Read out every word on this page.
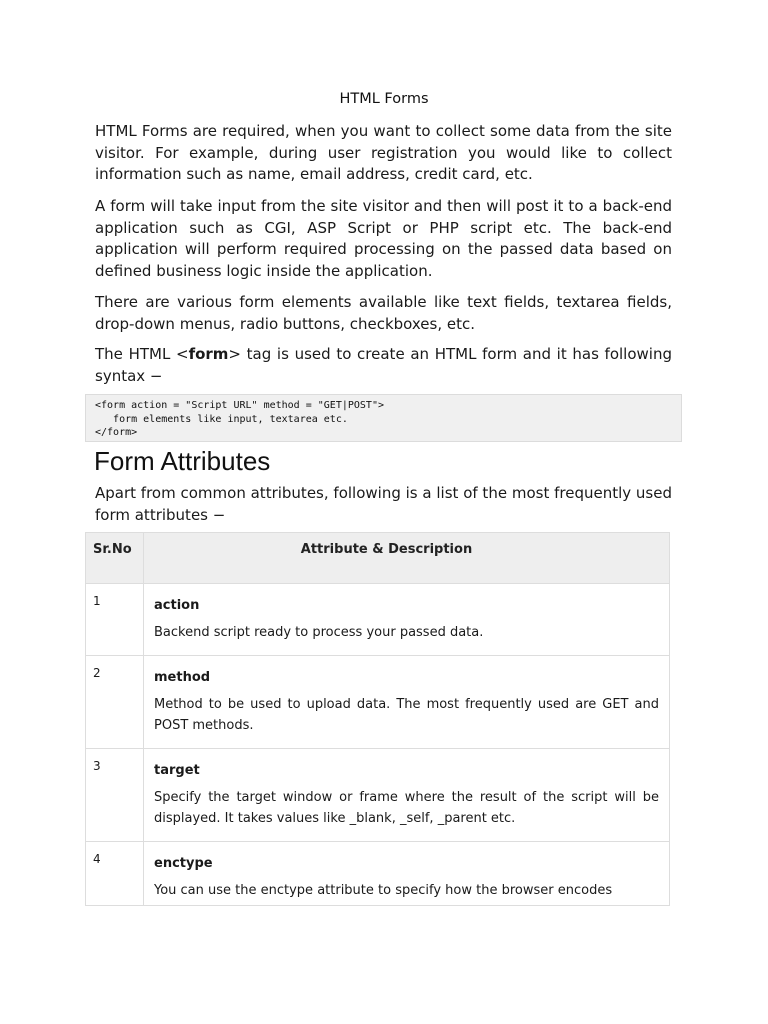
HTML Forms

HTML Forms are required, when you want to collect some data from the site visitor. For example, during user registration you would like to collect information such as name, email address, credit card, etc.

A form will take input from the site visitor and then will post it to a back-end application such as CGI, ASP Script or PHP script etc. The back-end application will perform required processing on the passed data based on defined business logic inside the application.

There are various form elements available like text fields, textarea fields, drop-down menus, radio buttons, checkboxes, etc.

The HTML <form> tag is used to create an HTML form and it has following syntax −

<form action = "Script URL" method = "GET|POST">
form elements like input, textarea etc.
</form>
Form Attributes

Apart from common attributes, following is a list of the most frequently used form attributes −

Sr.No	Attribute & Description

1	action
Backend script ready to process your passed data.

2	method
Method to be used to upload data. The most frequently used are GET and POST methods.

3	target
Specify the target window or frame where the result of the script will be displayed. It takes values like _blank, _self, _parent etc.

4	enctype
You can use the enctype attribute to specify how the browser encodes
